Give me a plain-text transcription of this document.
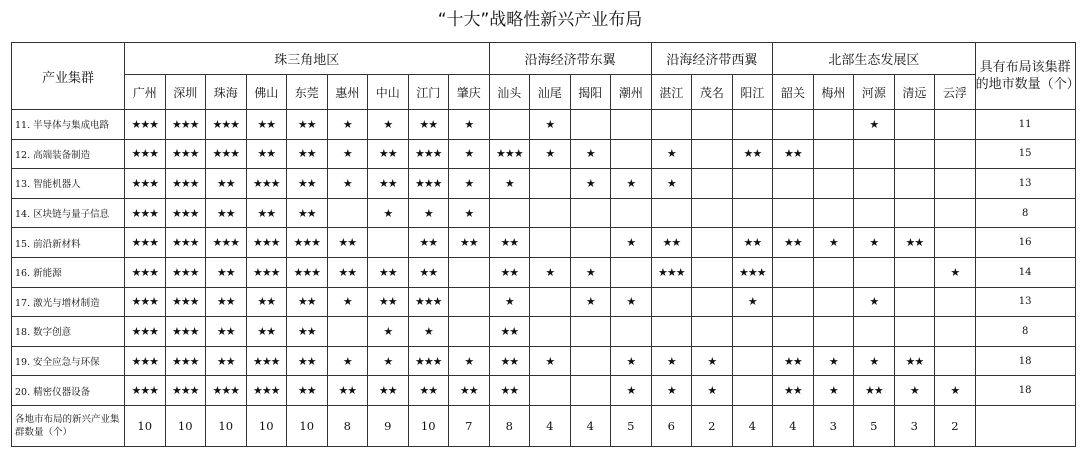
“十大”战略性新兴产业布局
产业集群	珠三角地区									沿海经济带东翼				沿海经济带西翼			北部生态发展区					具有布局该集群的地市数量（个）
	广州	深圳	珠海	佛山	东莞	惠州	中山	江门	肇庆	汕头	汕尾	揭阳	潮州	湛江	茂名	阳江	韶关	梅州	河源	清远	云浮	
11. 半导体与集成电路	★★★	★★★	★★★	★★	★★	★	★	★★	★		★								★			11
12. 高端装备制造	★★★	★★★	★★★	★★	★★	★	★★	★★★	★	★★★	★	★		★		★★	★★					15
13. 智能机器人	★★★	★★★	★★	★★★	★★	★	★★	★★★	★	★		★	★	★								13
14. 区块链与量子信息	★★★	★★★	★★	★★	★★		★	★	★													8
15. 前沿新材料	★★★	★★★	★★★	★★★	★★★	★★		★★	★★	★★			★	★★		★★	★★	★	★	★★		16
16. 新能源	★★★	★★★	★★	★★★	★★★	★★	★★	★★		★★	★	★		★★★		★★★					★	14
17. 激光与增材制造	★★★	★★★	★★	★★	★★	★	★★	★★★		★		★	★			★			★			13
18. 数字创意	★★★	★★★	★★	★★	★★		★	★		★★												8
19. 安全应急与环保	★★★	★★★	★★	★★★	★★	★	★	★★★	★	★★	★		★	★	★		★★	★	★	★★		18
20. 精密仪器设备	★★★	★★★	★★★	★★★	★★	★★	★★	★★	★★	★★			★	★	★		★★	★	★★	★	★	18
各地市布局的新兴产业集群数量（个）	10	10	10	10	10	8	9	10	7	8	4	4	5	6	2	4	4	3	5	3	2	
